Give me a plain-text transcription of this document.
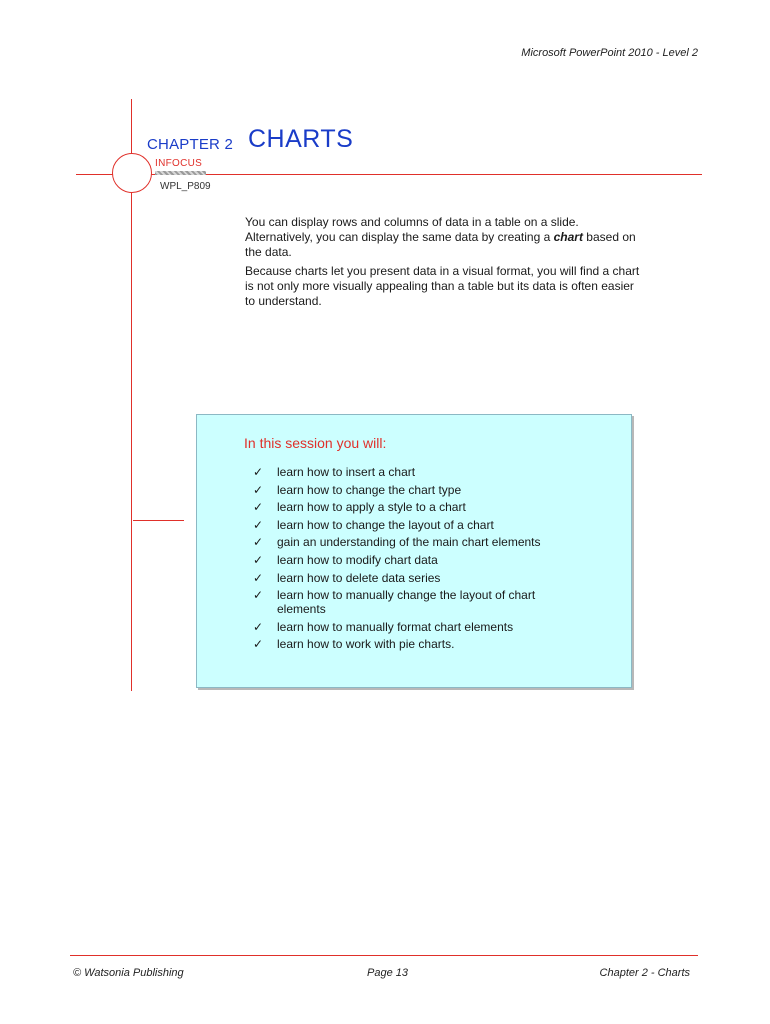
Microsoft PowerPoint 2010 - Level 2
CHAPTER 2
INFOCUS
WPL_P809
CHARTS

You can display rows and columns of data in a table on a slide. Alternatively, you can display the same data by creating a chart based on the data.

Because charts let you present data in a visual format, you will find a chart is not only more visually appealing than a table but its data is often easier to understand.

In this session you will:
✓ learn how to insert a chart
✓ learn how to change the chart type
✓ learn how to apply a style to a chart
✓ learn how to change the layout of a chart
✓ gain an understanding of the main chart elements
✓ learn how to modify chart data
✓ learn how to delete data series
✓ learn how to manually change the layout of chart elements
✓ learn how to manually format chart elements
✓ learn how to work with pie charts.
© Watsonia Publishing	Page 13	Chapter 2 - Charts
